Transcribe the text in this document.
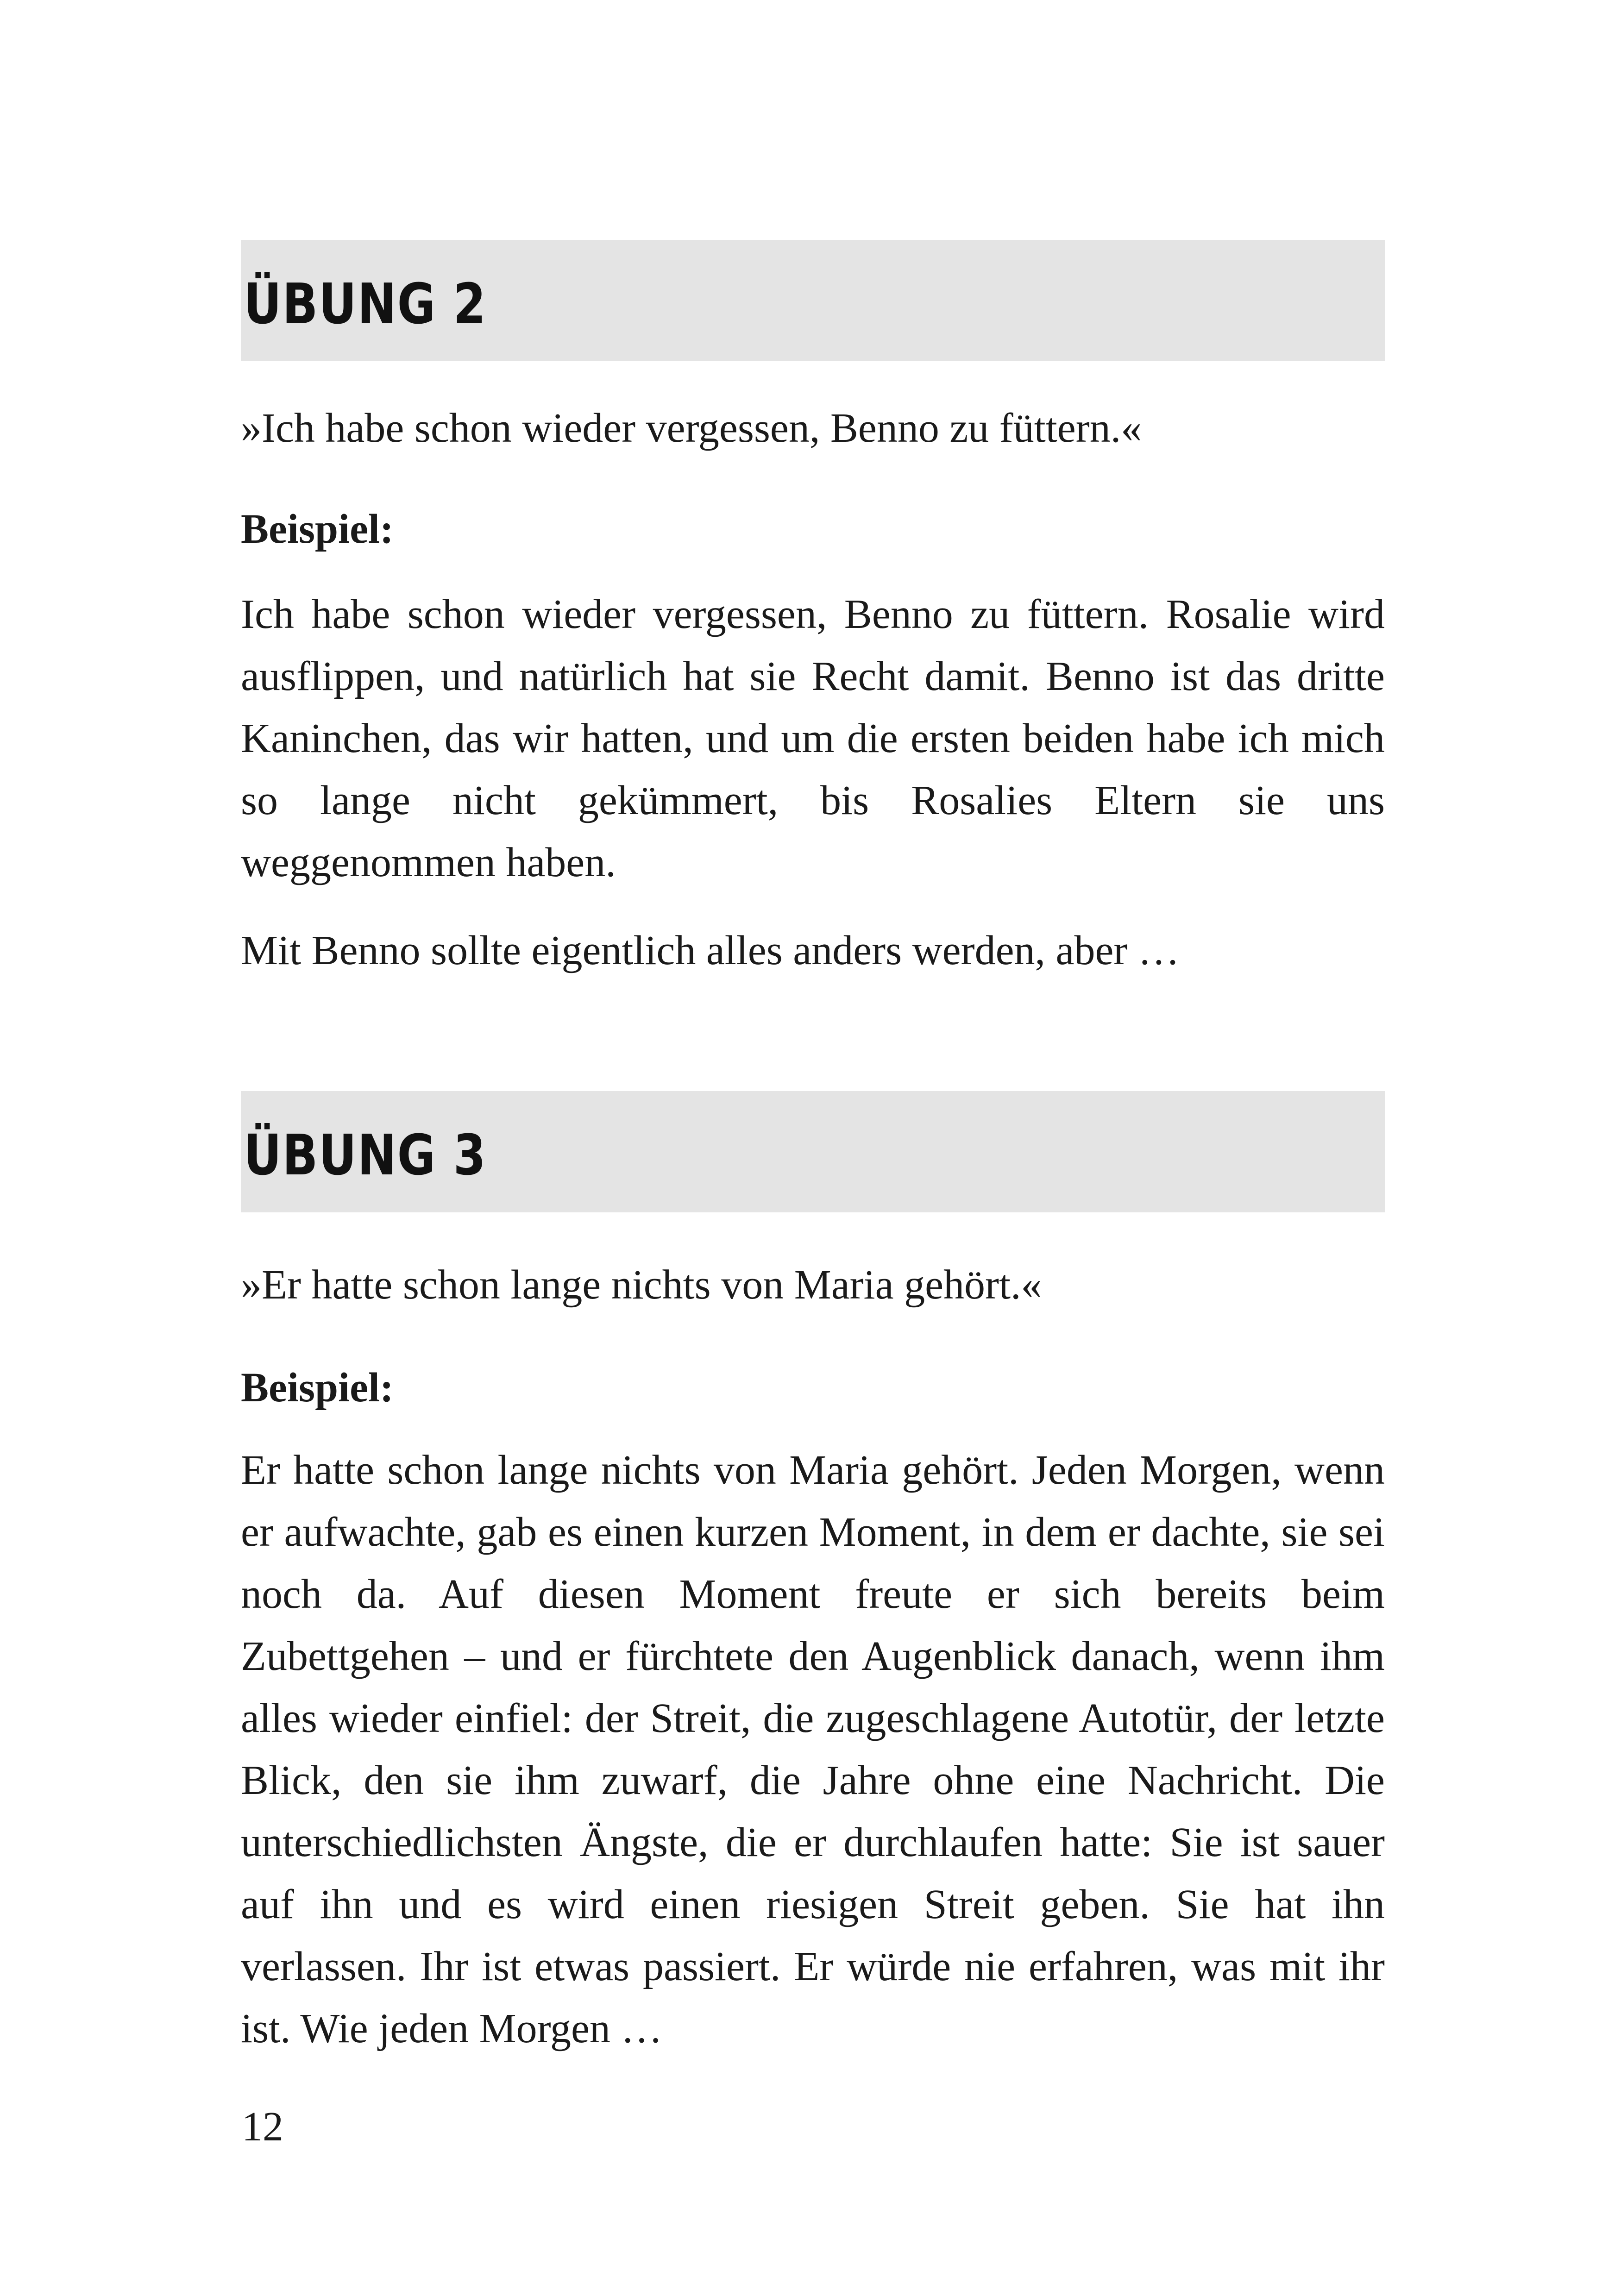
ÜBUNG 2

»Ich habe schon wieder vergessen, Benno zu füttern.«

Beispiel:

Ich habe schon wieder vergessen, Benno zu füttern. Rosalie wird ausflippen, und natürlich hat sie Recht damit. Benno ist das dritte Kaninchen, das wir hatten, und um die ersten beiden habe ich mich so lange nicht gekümmert, bis Rosalies Eltern sie uns weggenommen haben.

Mit Benno sollte eigentlich alles anders werden, aber …

ÜBUNG 3

»Er hatte schon lange nichts von Maria gehört.«

Beispiel:

Er hatte schon lange nichts von Maria gehört. Jeden Morgen, wenn er aufwachte, gab es einen kurzen Moment, in dem er dachte, sie sei noch da. Auf diesen Moment freute er sich bereits beim Zubettgehen – und er fürchtete den Augenblick danach, wenn ihm alles wieder einfiel: der Streit, die zugeschlagene Autotür, der letzte Blick, den sie ihm zuwarf, die Jahre ohne eine Nachricht. Die unterschiedlichsten Ängste, die er durchlaufen hatte: Sie ist sauer auf ihn und es wird einen riesigen Streit geben. Sie hat ihn verlassen. Ihr ist etwas passiert. Er würde nie erfahren, was mit ihr ist. Wie jeden Morgen …

12
